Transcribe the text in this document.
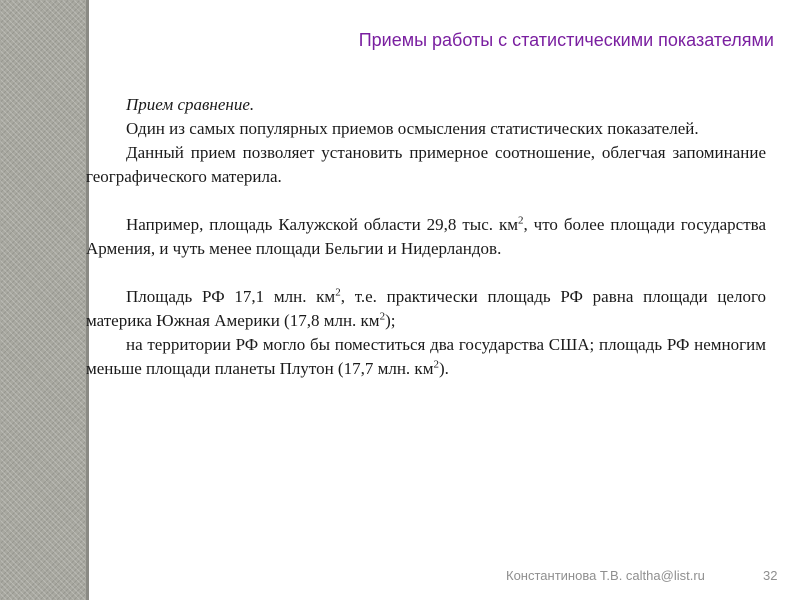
Приемы работы с статистическими показателями

Прием сравнение.

Один из самых популярных приемов осмысления статистических показателей.

Данный прием позволяет установить примерное соотношение, облегчая запоминание географического материла.

Например, площадь Калужской области 29,8 тыс. $км^2$, что более площади государства Армения, и чуть менее площади Бельгии и Нидерландов.

Площадь РФ 17,1 млн. $км^2$, т.е. практически площадь РФ равна площади целого материка Южная Америки (17,8 млн. $км^2$);

на территории РФ могло бы поместиться два государства США; площадь РФ немногим меньше площади планеты Плутон (17,7 млн. $км^2$).

Константинова Т.В. caltha@list.ru	32
